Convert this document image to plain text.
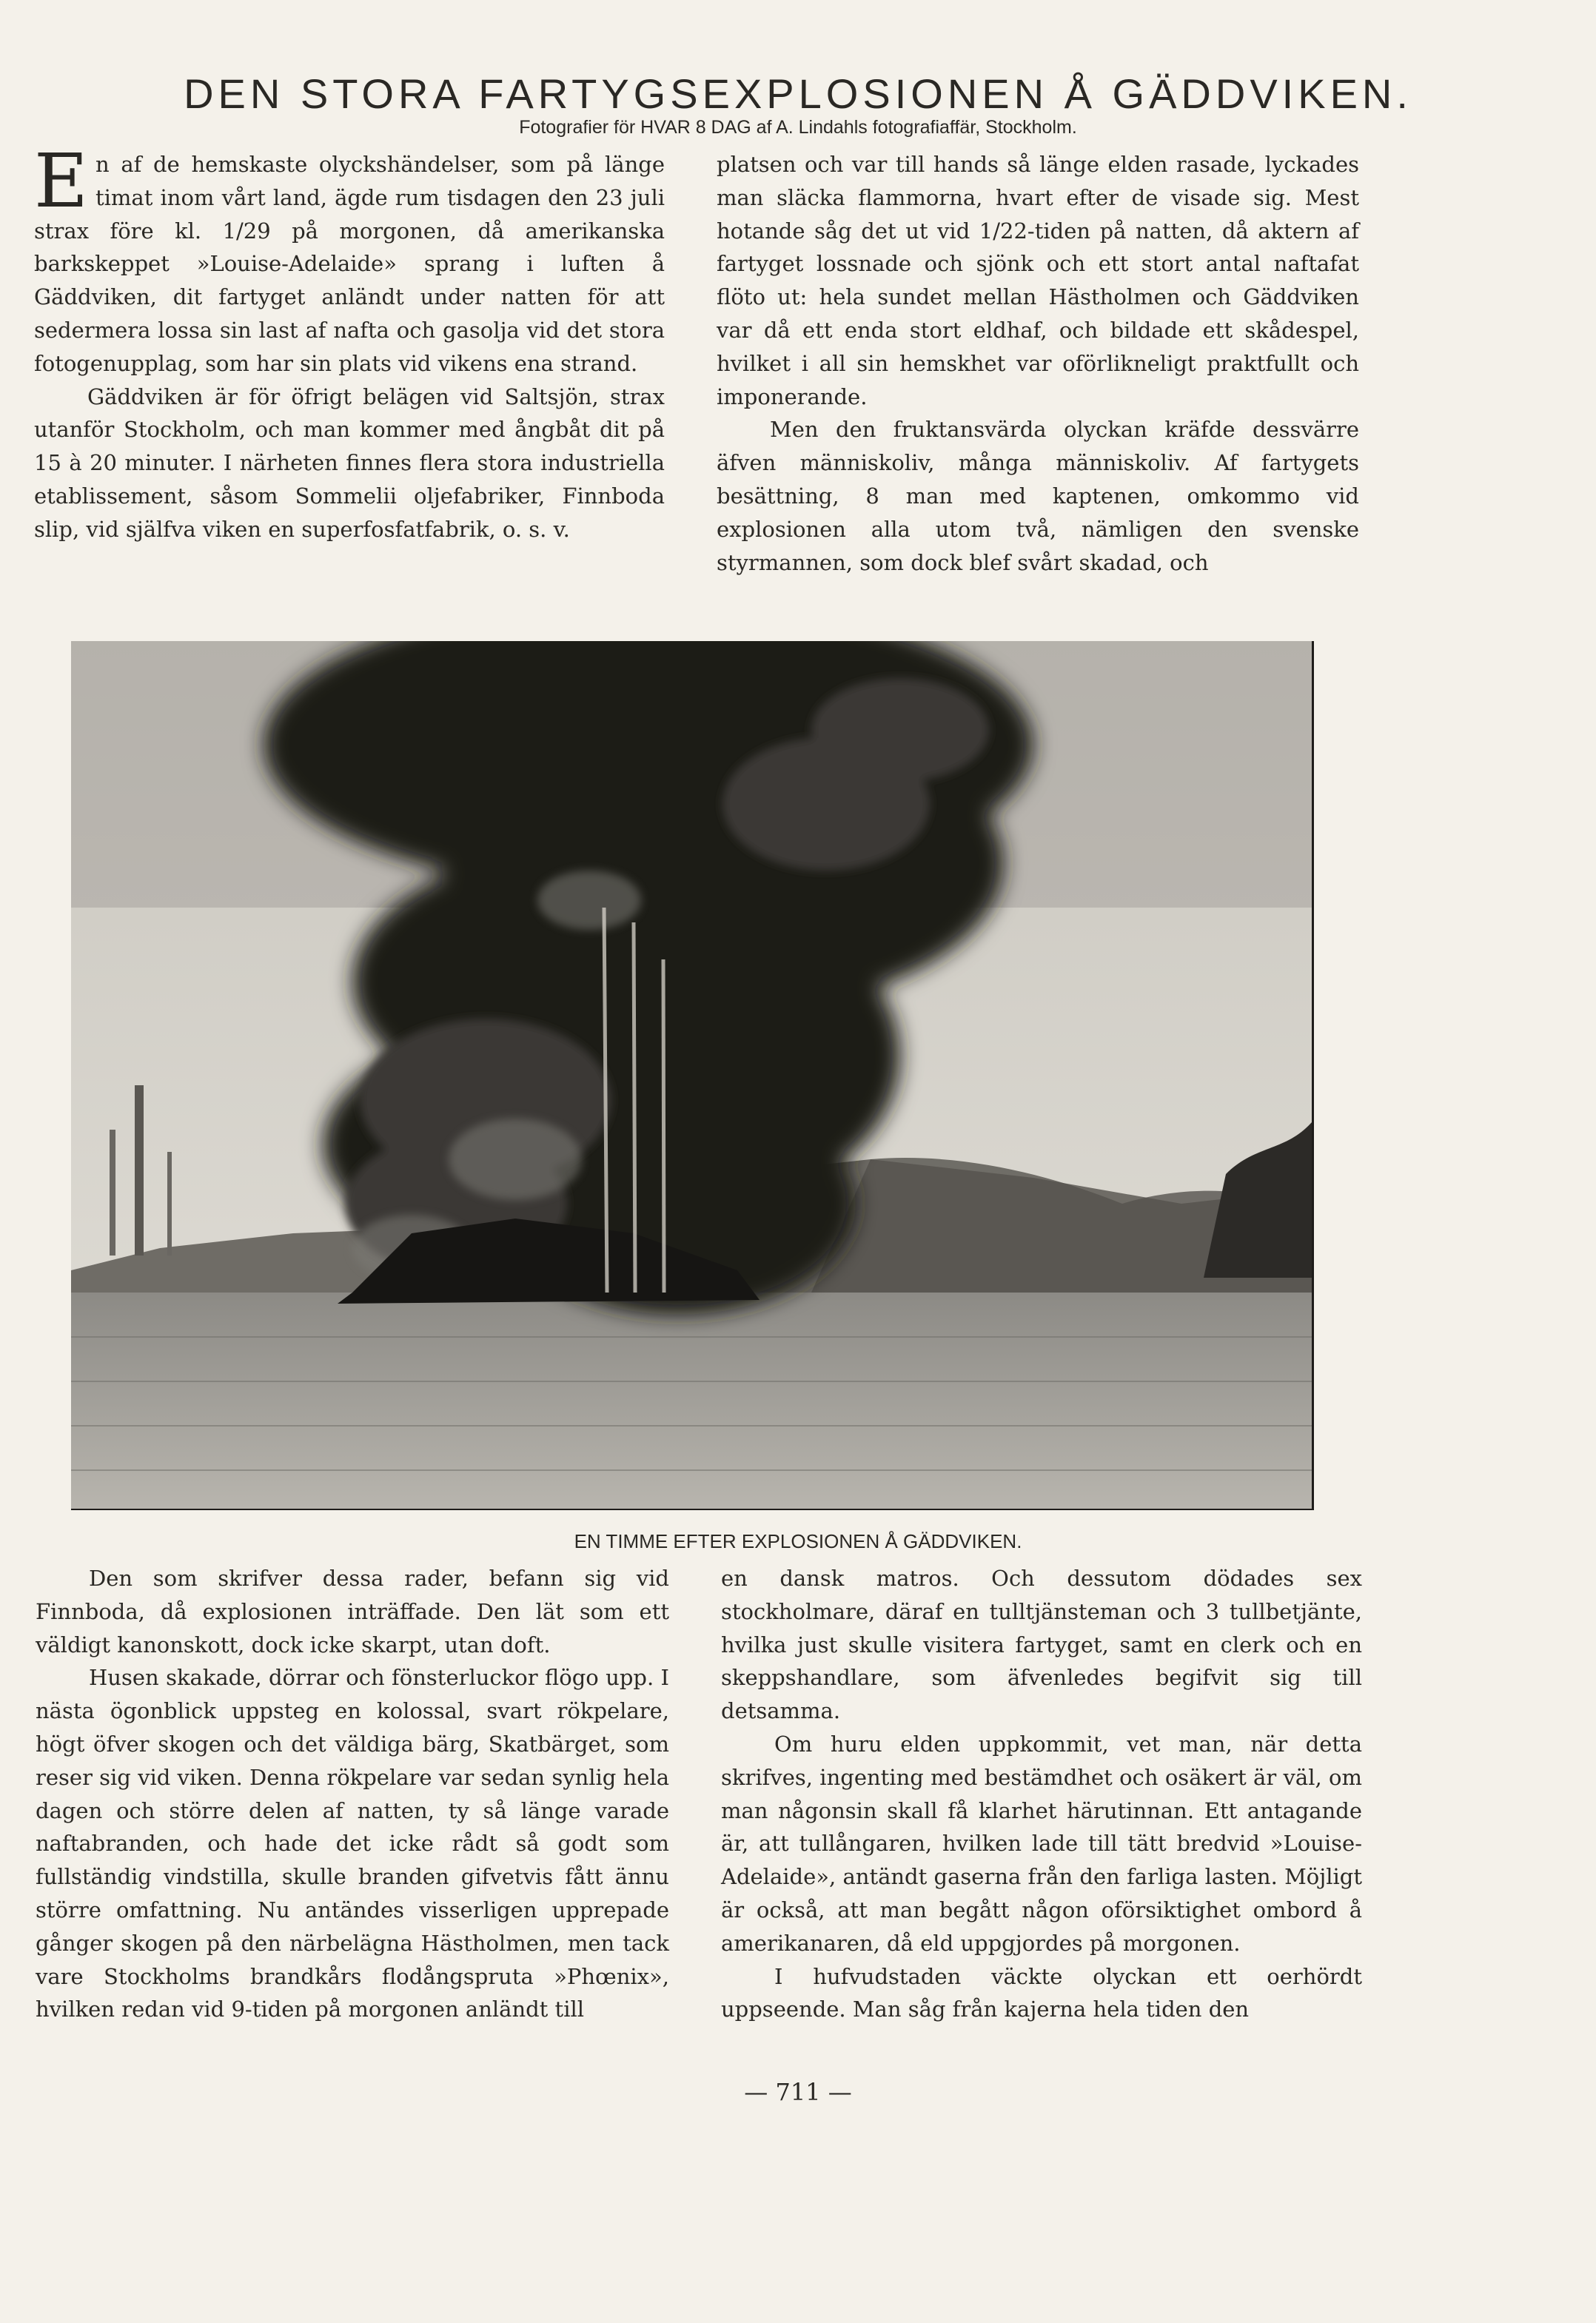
DEN STORA FARTYGSEXPLOSIONEN Å GÄDDVIKEN.

Fotografier för HVAR 8 DAG af A. Lindahls fotografiaffär, Stockholm.

En af de hemskaste olyckshändelser, som på länge timat inom vårt land, ägde rum tisdagen den 23 juli strax före kl. 1/29 på morgonen, då amerikanska barkskeppet »Louise-Adelaide» sprang i luften å Gäddviken, dit fartyget anländt under natten för att sedermera lossa sin last af nafta och gasolja vid det stora fotogenupplag, som har sin plats vid vikens ena strand.

Gäddviken är för öfrigt belägen vid Saltsjön, strax utanför Stockholm, och man kommer med ångbåt dit på 15 à 20 minuter. I närheten finnes flera stora industriella etablissement, såsom Sommelii oljefabriker, Finnboda slip, vid själfva viken en superfosfatfabrik, o. s. v.

platsen och var till hands så länge elden rasade, lyckades man släcka flammorna, hvart efter de visade sig. Mest hotande såg det ut vid 1/22-tiden på natten, då aktern af fartyget lossnade och sjönk och ett stort antal naftafat flöto ut: hela sundet mellan Hästholmen och Gäddviken var då ett enda stort eldhaf, och bildade ett skådespel, hvilket i all sin hemskhet var oförlikneligt praktfullt och imponerande.

Men den fruktansvärda olyckan kräfde dessvärre äfven människoliv, många människoliv. Af fartygets besättning, 8 man med kaptenen, omkommo vid explosionen alla utom två, nämligen den svenske styrmannen, som dock blef svårt skadad, och

EN TIMME EFTER EXPLOSIONEN Å GÄDDVIKEN.

Den som skrifver dessa rader, befann sig vid Finnboda, då explosionen inträffade. Den lät som ett väldigt kanonskott, dock icke skarpt, utan doft.

Husen skakade, dörrar och fönsterluckor flögo upp. I nästa ögonblick uppsteg en kolossal, svart rökpelare, högt öfver skogen och det väldiga bärg, Skatbärget, som reser sig vid viken. Denna rökpelare var sedan synlig hela dagen och större delen af natten, ty så länge varade naftabranden, och hade det icke rådt så godt som fullständig vindstilla, skulle branden gifvetvis fått ännu större omfattning. Nu antändes visserligen upprepade gånger skogen på den närbelägna Hästholmen, men tack vare Stockholms brandkårs flodångspruta »Phœnix», hvilken redan vid 9-tiden på morgonen anländt till

en dansk matros. Och dessutom dödades sex stockholmare, däraf en tulltjänsteman och 3 tullbetjänte, hvilka just skulle visitera fartyget, samt en clerk och en skeppshandlare, som äfvenledes begifvit sig till detsamma.

Om huru elden uppkommit, vet man, när detta skrifves, ingenting med bestämdhet och osäkert är väl, om man någonsin skall få klarhet härutinnan. Ett antagande är, att tullångaren, hvilken lade till tätt bredvid »Louise-Adelaide», antändt gaserna från den farliga lasten. Möjligt är också, att man begått någon oförsiktighet ombord å amerikanaren, då eld uppgjordes på morgonen.

I hufvudstaden väckte olyckan ett oerhördt uppseende. Man såg från kajerna hela tiden den

— 711 —
